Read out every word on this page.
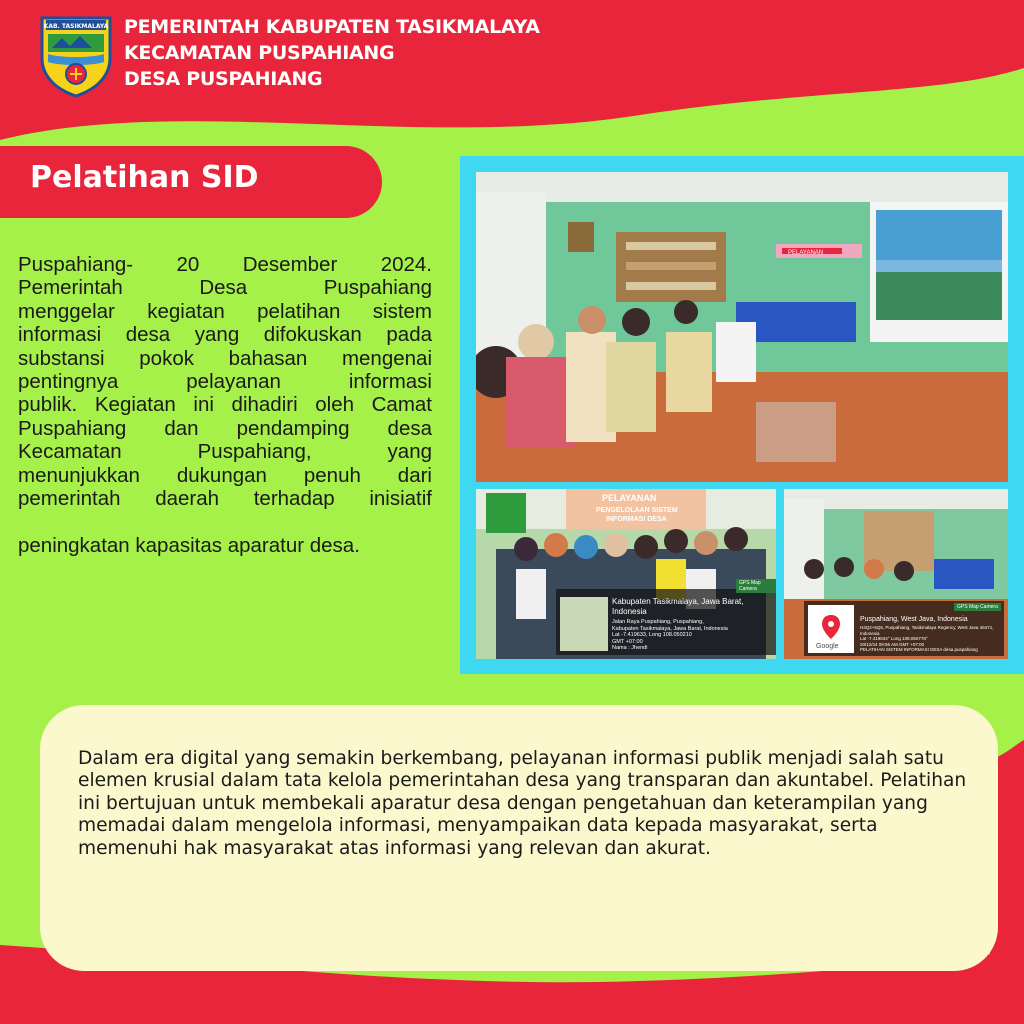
KAB. TASIKMALAYA PEMERINTAH KABUPATEN TASIKMALAYA
KECAMATAN PUSPAHIANG
DESA PUSPAHIANG
Pelatihan SID
Puspahiang- 20 Desember 2024.
Pemerintah Desa Puspahiang
menggelar kegiatan pelatihan sistem
informasi desa yang difokuskan pada
substansi pokok bahasan mengenai
pentingnya pelayanan informasi
publik. Kegiatan ini dihadiri oleh Camat
Puspahiang dan pendamping desa
Kecamatan Puspahiang, yang
menunjukkan dukungan penuh dari
pemerintah daerah terhadap inisiatif
peningkatan kapasitas aparatur desa.
PELAYANAN
PELAYANAN
PENGELOLAAN SISTEM
INFORMASI DESA
GPS Map Camera
Kabupaten Tasikmalaya, Jawa Barat, Indonesia
Jalan Raya Puspahiang, Puspahiang,
Kabupaten Tasikmalaya, Jawa Barat, Indonesia
Lat -7.419633, Long 108.050210
GMT +07:00
Nama : Jhendi	Google
GPS Map Camera
Puspahiang, West Java, Indonesia
H3Q2+5Q5, Puspahiang, Tasikmalaya Regency, West Java 46471,
Indonesia
Lat -7.419634° Long 108.050778°
20/12/24 09:56 AM GMT +07:00
PELATIHAN SISTEM INFORMASI DESA desa puspahiang
Dalam era digital yang semakin berkembang, pelayanan informasi publik menjadi salah satu elemen krusial dalam tata kelola pemerintahan desa yang transparan dan akuntabel. Pelatihan ini bertujuan untuk membekali aparatur desa dengan pengetahuan dan keterampilan yang memadai dalam mengelola informasi, menyampaikan data kepada masyarakat, serta memenuhi hak masyarakat atas informasi yang relevan dan akurat.
